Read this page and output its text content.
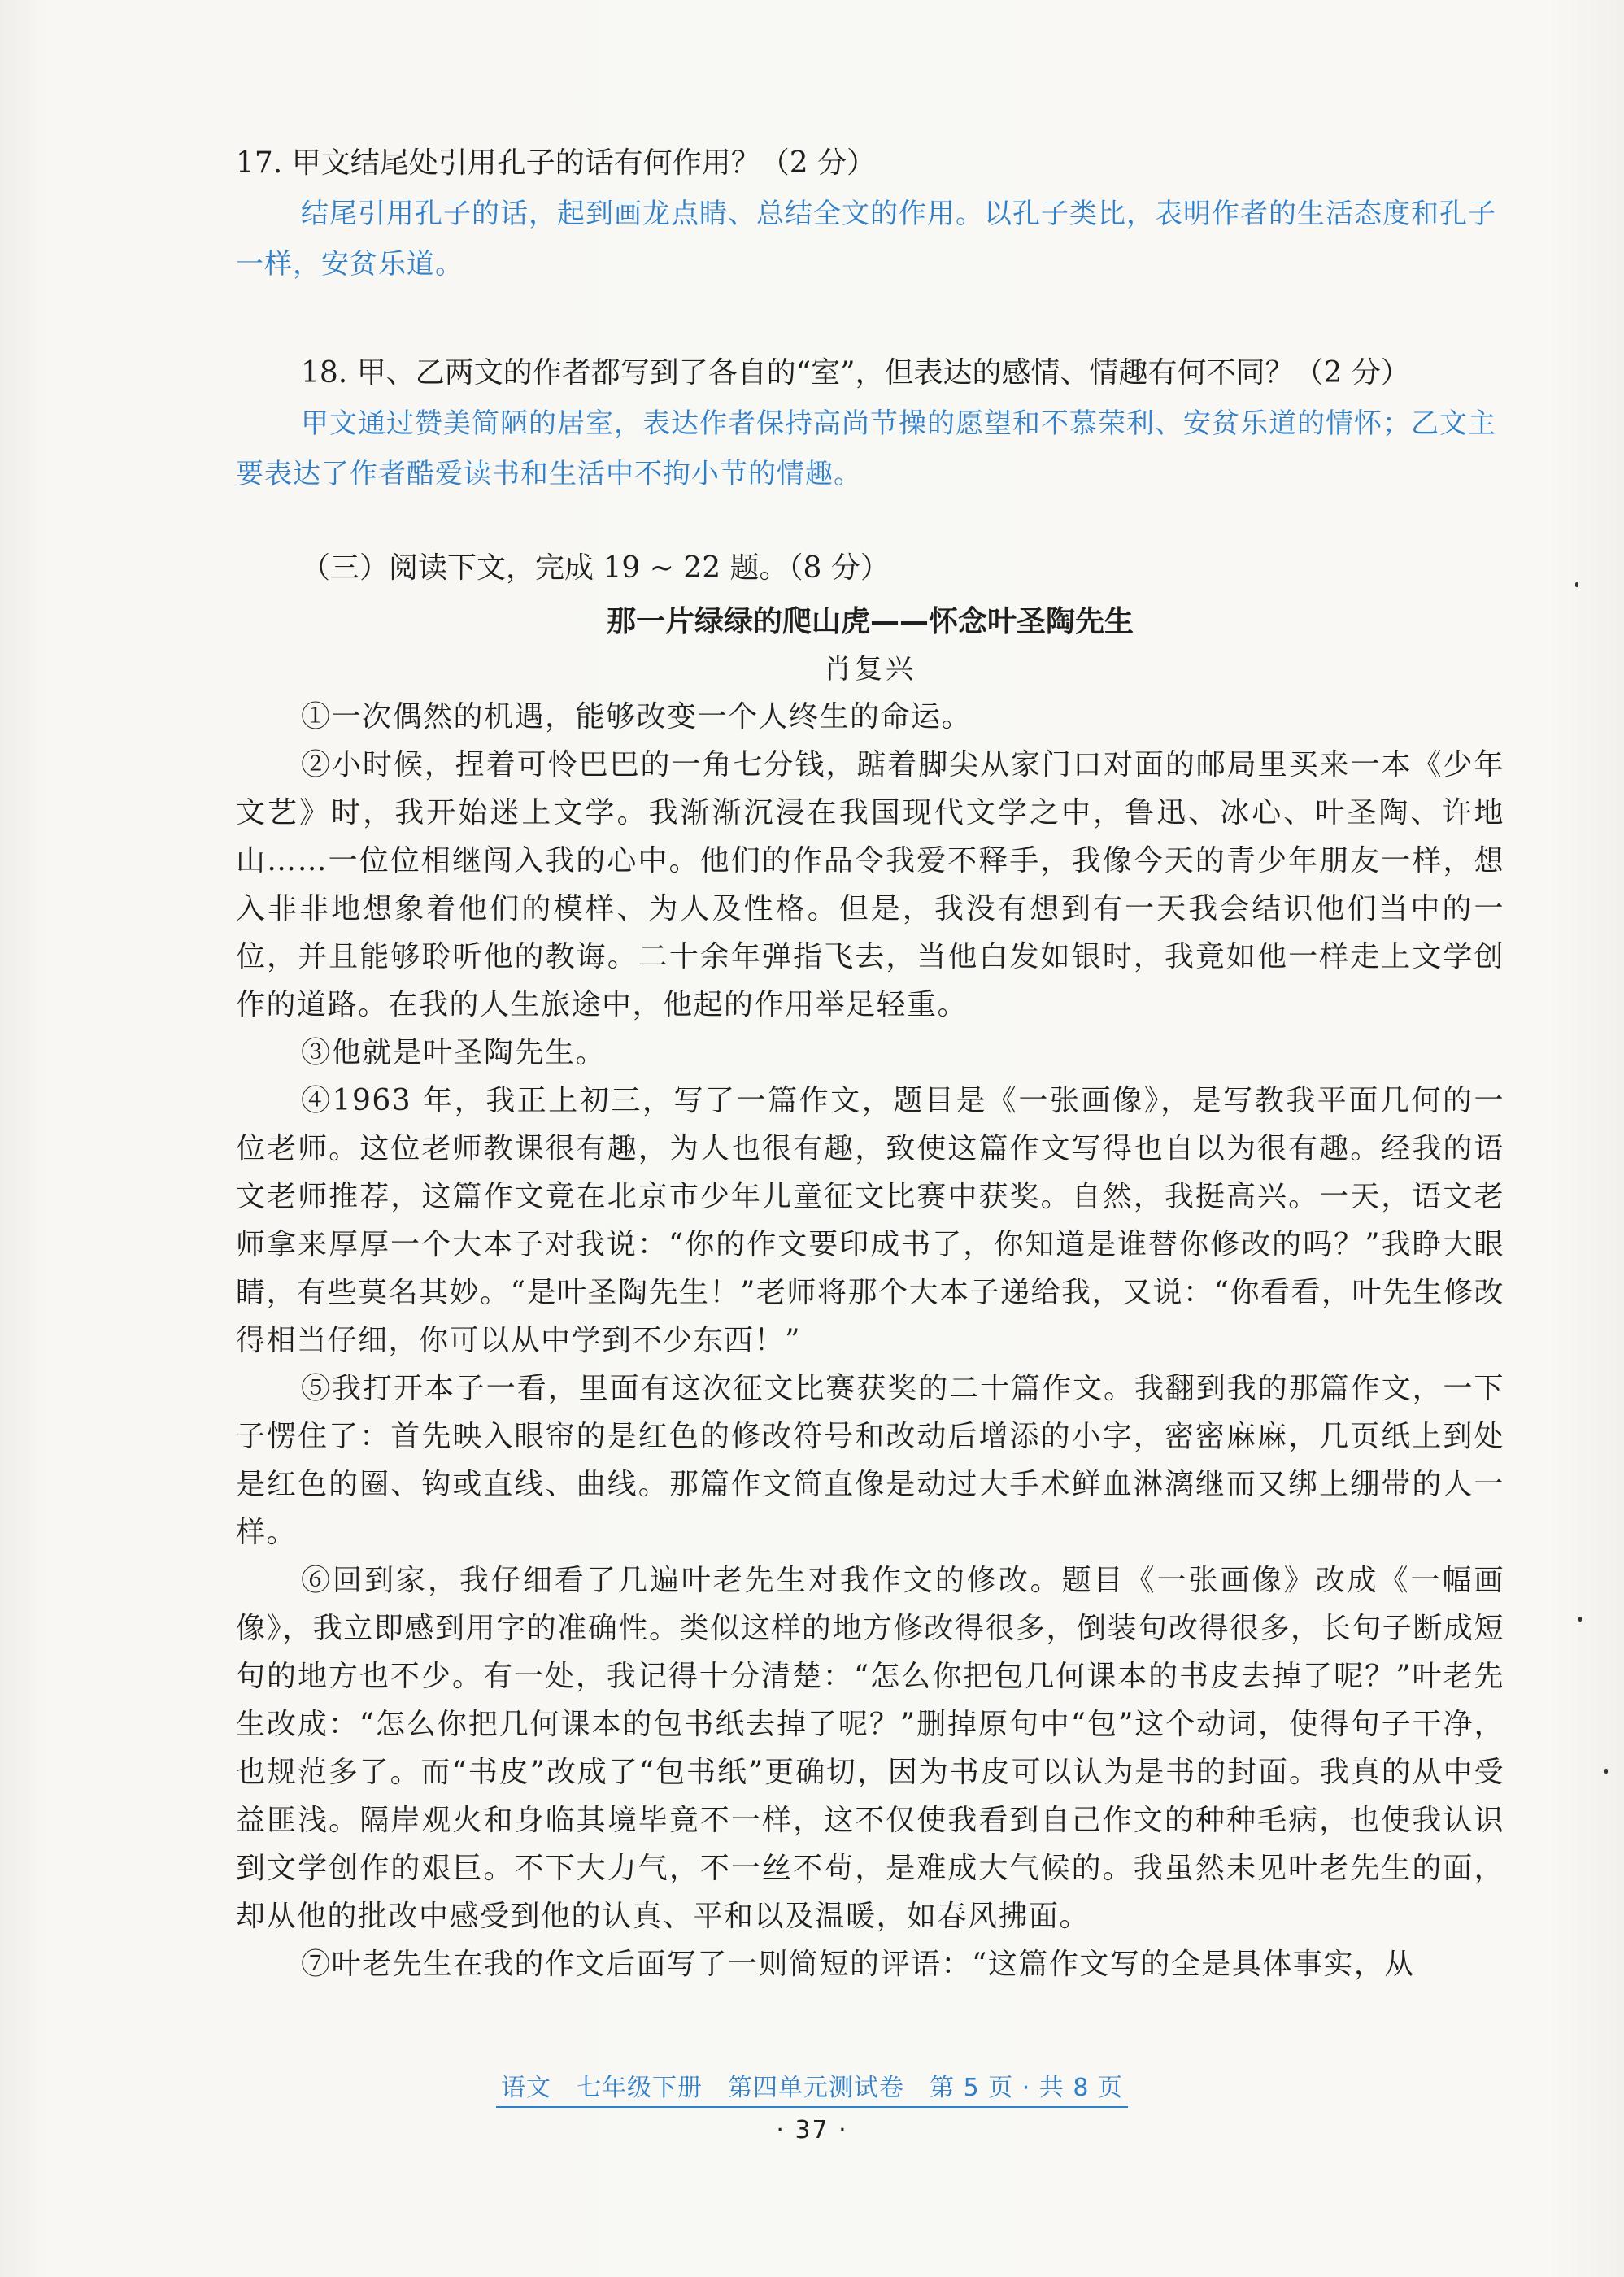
17. 甲文结尾处引用孔子的话有何作用？（2 分）

结尾引用孔子的话，起到画龙点睛、总结全文的作用。以孔子类比，表明作者的生活态度和孔子一样，安贫乐道。

18. 甲、乙两文的作者都写到了各自的“室”，但表达的感情、情趣有何不同？（2 分）

甲文通过赞美简陋的居室，表达作者保持高尚节操的愿望和不慕荣利、安贫乐道的情怀；乙文主要表达了作者酷爱读书和生活中不拘小节的情趣。

（三）阅读下文，完成 19 ~ 22 题。（8 分）

那一片绿绿的爬山虎——怀念叶圣陶先生

肖复兴

①一次偶然的机遇，能够改变一个人终生的命运。

②小时候，捏着可怜巴巴的一角七分钱，踮着脚尖从家门口对面的邮局里买来一本《少年文艺》时，我开始迷上文学。我渐渐沉浸在我国现代文学之中，鲁迅、冰心、叶圣陶、许地山……一位位相继闯入我的心中。他们的作品令我爱不释手，我像今天的青少年朋友一样，想入非非地想象着他们的模样、为人及性格。但是，我没有想到有一天我会结识他们当中的一位，并且能够聆听他的教诲。二十余年弹指飞去，当他白发如银时，我竟如他一样走上文学创作的道路。在我的人生旅途中，他起的作用举足轻重。

③他就是叶圣陶先生。

④1963 年，我正上初三，写了一篇作文，题目是《一张画像》，是写教我平面几何的一位老师。这位老师教课很有趣，为人也很有趣，致使这篇作文写得也自以为很有趣。经我的语文老师推荐，这篇作文竟在北京市少年儿童征文比赛中获奖。自然，我挺高兴。一天，语文老师拿来厚厚一个大本子对我说：“你的作文要印成书了，你知道是谁替你修改的吗？”我睁大眼睛，有些莫名其妙。“是叶圣陶先生！”老师将那个大本子递给我，又说：“你看看，叶先生修改得相当仔细，你可以从中学到不少东西！”

⑤我打开本子一看，里面有这次征文比赛获奖的二十篇作文。我翻到我的那篇作文，一下子愣住了：首先映入眼帘的是红色的修改符号和改动后增添的小字，密密麻麻，几页纸上到处是红色的圈、钩或直线、曲线。那篇作文简直像是动过大手术鲜血淋漓继而又绑上绷带的人一样。

⑥回到家，我仔细看了几遍叶老先生对我作文的修改。题目《一张画像》改成《一幅画像》，我立即感到用字的准确性。类似这样的地方修改得很多，倒装句改得很多，长句子断成短句的地方也不少。有一处，我记得十分清楚：“怎么你把包几何课本的书皮去掉了呢？”叶老先生改成：“怎么你把几何课本的包书纸去掉了呢？”删掉原句中“包”这个动词，使得句子干净，也规范多了。而“书皮”改成了“包书纸”更确切，因为书皮可以认为是书的封面。我真的从中受益匪浅。隔岸观火和身临其境毕竟不一样，这不仅使我看到自己作文的种种毛病，也使我认识到文学创作的艰巨。不下大力气，不一丝不苟，是难成大气候的。我虽然未见叶老先生的面，却从他的批改中感受到他的认真、平和以及温暖，如春风拂面。

⑦叶老先生在我的作文后面写了一则简短的评语：“这篇作文写的全是具体事实，从

语文　七年级下册　第四单元测试卷　第 5 页 · 共 8 页
· 37 ·
